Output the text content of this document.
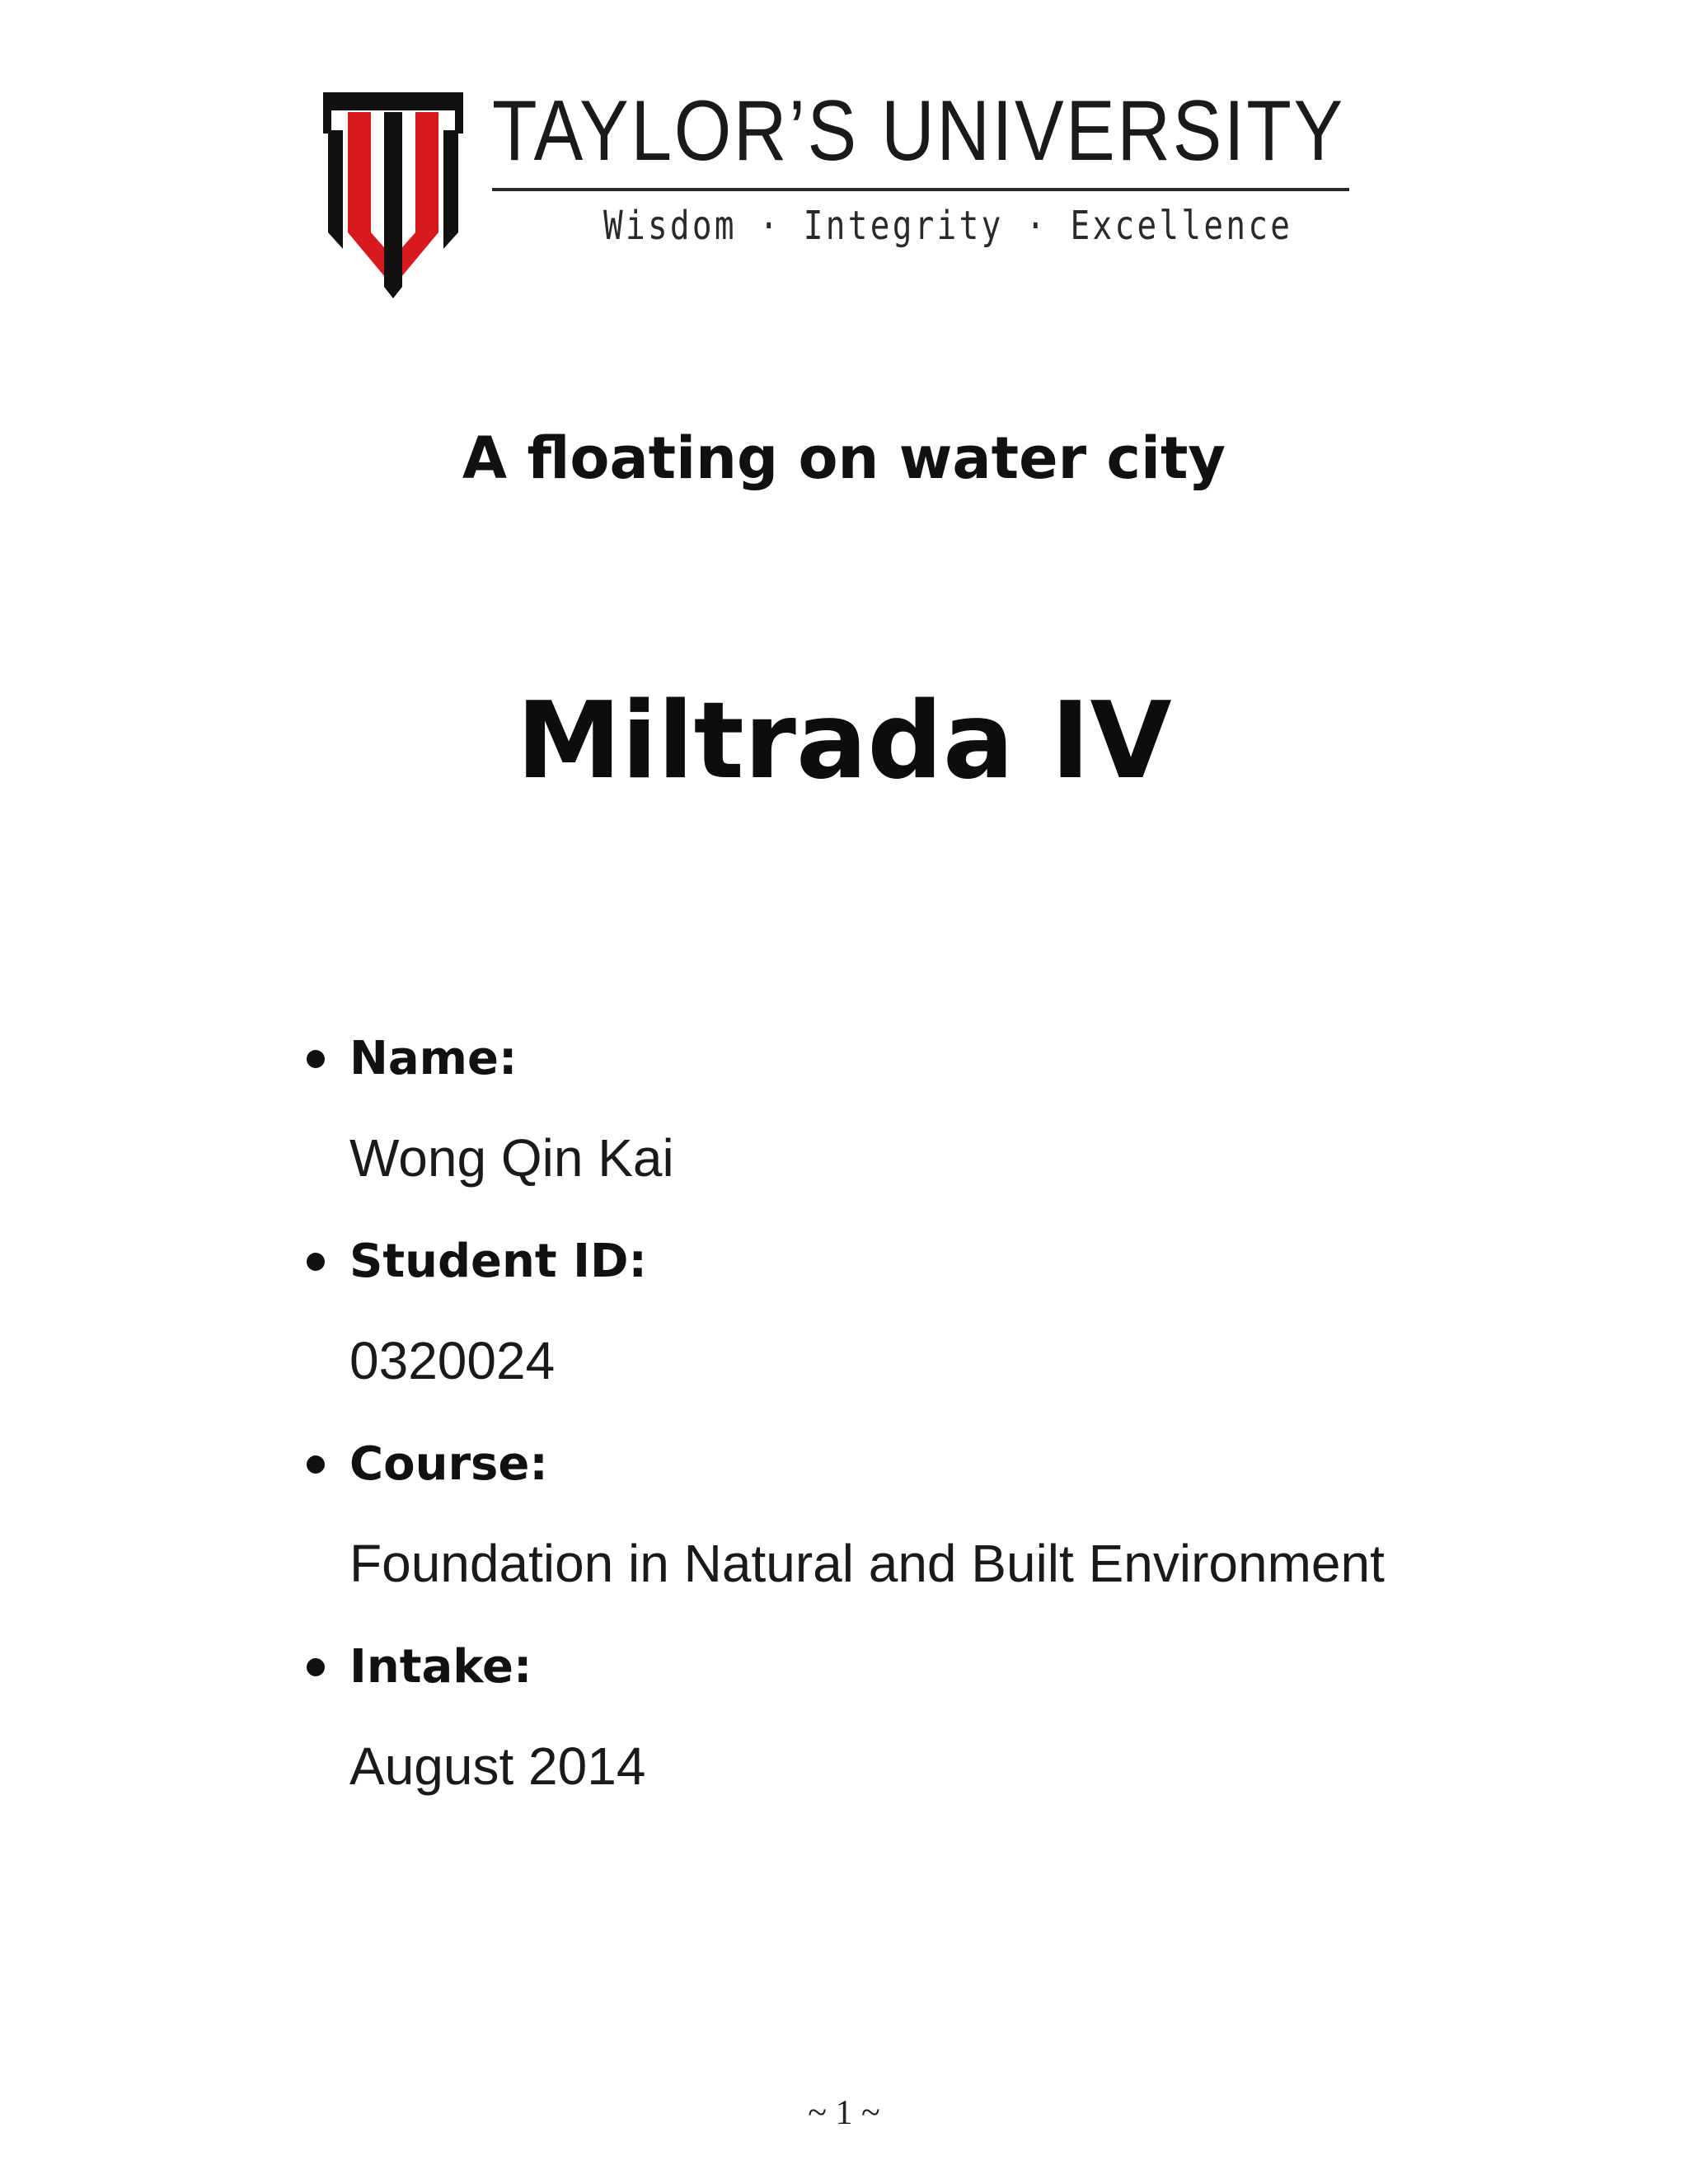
TAYLOR’S UNIVERSITY
Wisdom · Integrity · Excellence
A floating on water city
Miltrada IV
Name:
Wong Qin Kai
Student ID:
0320024
Course:
Foundation in Natural and Built Environment
Intake:
August 2014
~ 1 ~
